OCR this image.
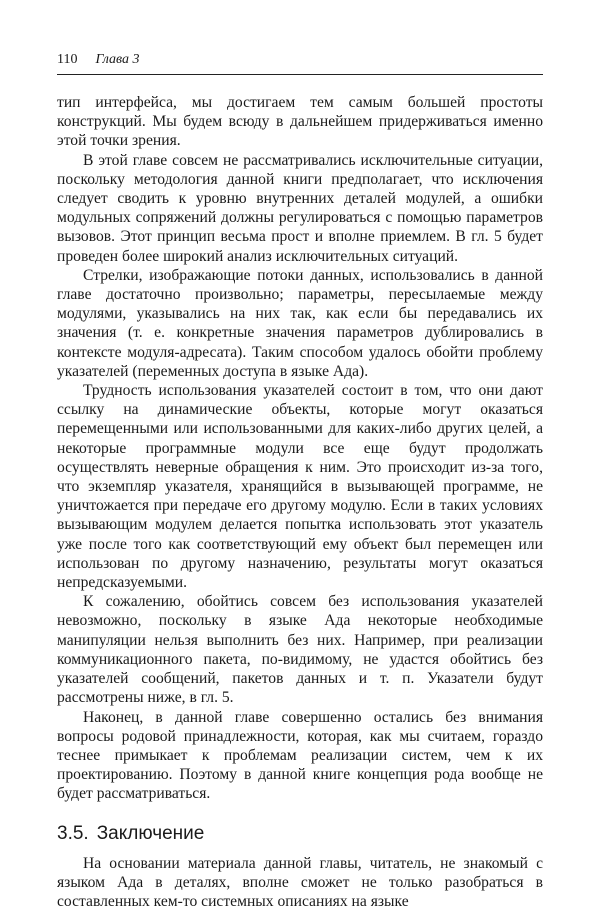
110 Глава 3

тип интерфейса, мы достигаем тем самым большей простоты конструкций. Мы будем всюду в дальнейшем придерживаться именно этой точки зрения.

В этой главе совсем не рассматривались исключительные ситуации, поскольку методология данной книги предполагает, что исключения следует сводить к уровню внутренних деталей модулей, а ошибки модульных сопряжений должны регулироваться с помощью параметров вызовов. Этот принцип весьма прост и вполне приемлем. В гл. 5 будет проведен более широкий анализ исключительных ситуаций.

Стрелки, изображающие потоки данных, использовались в данной главе достаточно произвольно; параметры, пересылаемые между модулями, указывались на них так, как если бы передавались их значения (т. е. конкретные значения параметров дублировались в контексте модуля-адресата). Таким способом удалось обойти проблему указателей (переменных доступа в языке Ада).

Трудность использования указателей состоит в том, что они дают ссылку на динамические объекты, которые могут оказаться перемещенными или использованными для каких-либо других целей, а некоторые программные модули все еще будут продолжать осуществлять неверные обращения к ним. Это происходит из-за того, что экземпляр указателя, хранящийся в вызывающей программе, не уничтожается при передаче его другому модулю. Если в таких условиях вызывающим модулем делается попытка использовать этот указатель уже после того как соответствующий ему объект был перемещен или использован по другому назначению, результаты могут оказаться непредсказуемыми.

К сожалению, обойтись совсем без использования указателей невозможно, поскольку в языке Ада некоторые необходимые манипуляции нельзя выполнить без них. Например, при реализации коммуникационного пакета, по-видимому, не удастся обойтись без указателей сообщений, пакетов данных и т. п. Указатели будут рассмотрены ниже, в гл. 5.

Наконец, в данной главе совершенно остались без внимания вопросы родовой принадлежности, которая, как мы считаем, гораздо теснее примыкает к проблемам реализации систем, чем к их проектированию. Поэтому в данной книге концепция рода вообще не будет рассматриваться.

3.5. Заключение

На основании материала данной главы, читатель, не знакомый с языком Ада в деталях, вполне сможет не только разобраться в составленных кем-то системных описаниях на языке
